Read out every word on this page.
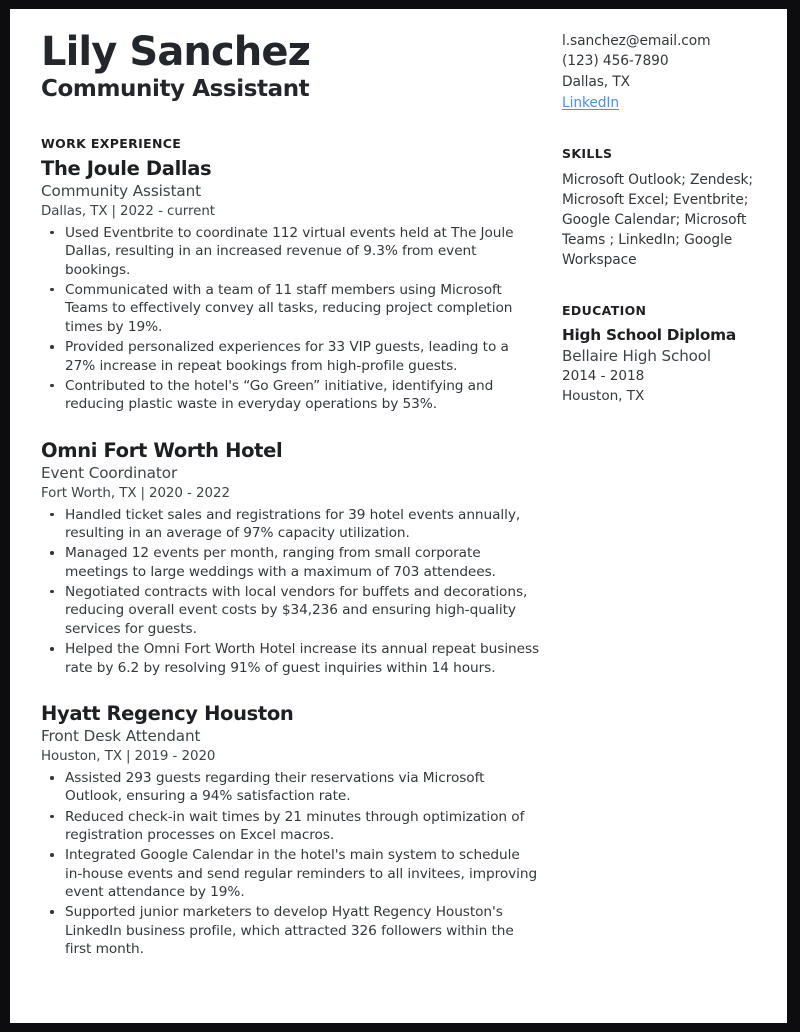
Lily Sanchez
Community Assistant
WORK EXPERIENCE
The Joule Dallas
Community Assistant
Dallas, TX | 2022 - current
Used Eventbrite to coordinate 112 virtual events held at The Joule Dallas, resulting in an increased revenue of 9.3% from event bookings.
Communicated with a team of 11 staff members using Microsoft Teams to effectively convey all tasks, reducing project completion times by 19%.
Provided personalized experiences for 33 VIP guests, leading to a 27% increase in repeat bookings from high-profile guests.
Contributed to the hotel's “Go Green” initiative, identifying and reducing plastic waste in everyday operations by 53%.
Omni Fort Worth Hotel
Event Coordinator
Fort Worth, TX | 2020 - 2022
Handled ticket sales and registrations for 39 hotel events annually, resulting in an average of 97% capacity utilization.
Managed 12 events per month, ranging from small corporate meetings to large weddings with a maximum of 703 attendees.
Negotiated contracts with local vendors for buffets and decorations, reducing overall event costs by $34,236 and ensuring high-quality services for guests.
Helped the Omni Fort Worth Hotel increase its annual repeat business rate by 6.2 by resolving 91% of guest inquiries within 14 hours.
Hyatt Regency Houston
Front Desk Attendant
Houston, TX | 2019 - 2020
Assisted 293 guests regarding their reservations via Microsoft Outlook, ensuring a 94% satisfaction rate.
Reduced check-in wait times by 21 minutes through optimization of registration processes on Excel macros.
Integrated Google Calendar in the hotel's main system to schedule in-house events and send regular reminders to all invitees, improving event attendance by 19%.
Supported junior marketers to develop Hyatt Regency Houston's LinkedIn business profile, which attracted 326 followers within the first month.
l.sanchez@email.com
(123) 456-7890
Dallas, TX
LinkedIn
SKILLS
Microsoft Outlook; Zendesk; Microsoft Excel; Eventbrite; Google Calendar; Microsoft Teams ; LinkedIn; Google Workspace
EDUCATION
High School Diploma
Bellaire High School
2014 - 2018
Houston, TX
